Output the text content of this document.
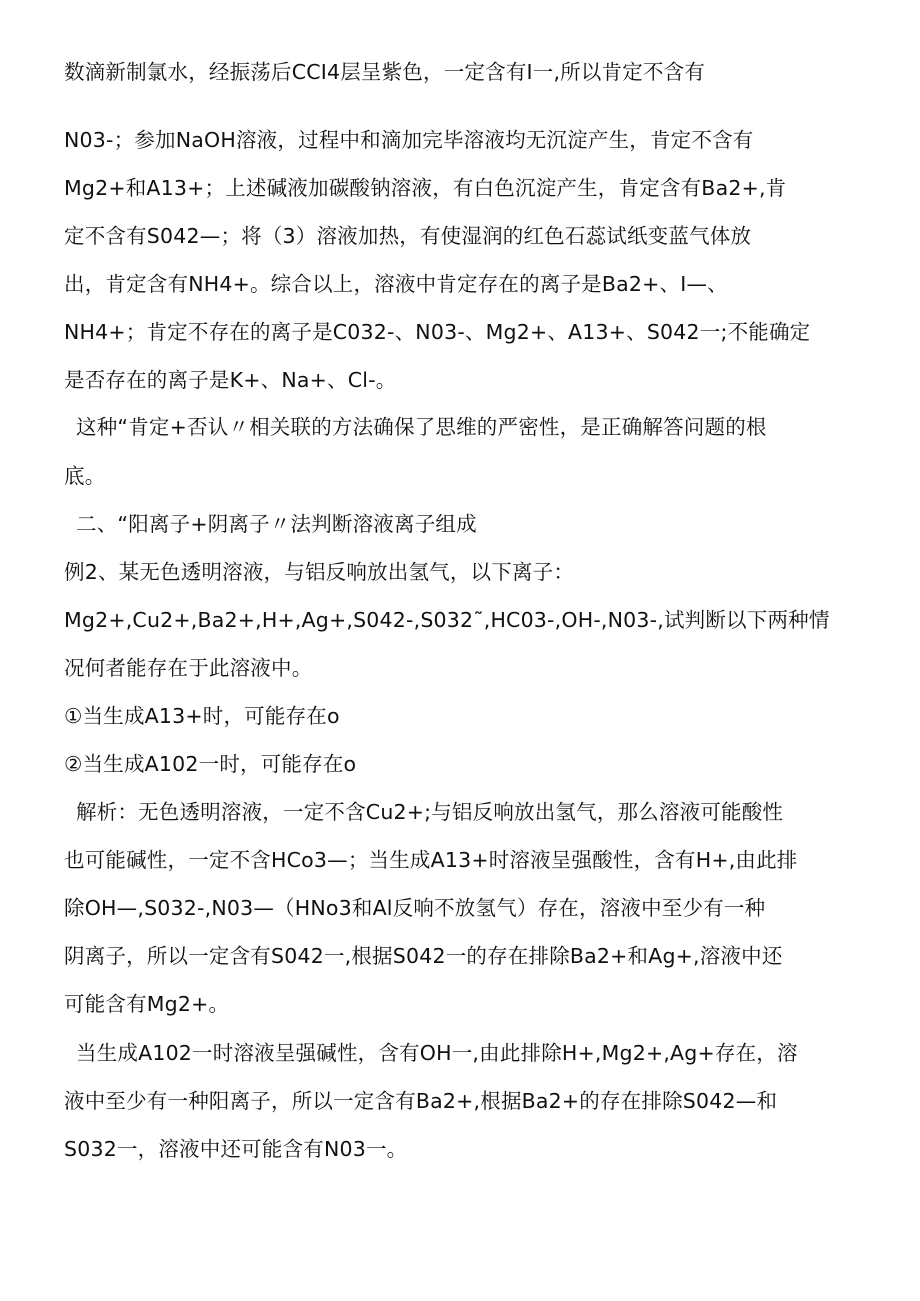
数滴新制氯水，经振荡后CCI4层呈紫色，一定含有I一,所以肯定不含有
N03-；参加NaOH溶液，过程中和滴加完毕溶液均无沉淀产生，肯定不含有
Mg2+和A13+；上述碱液加碳酸钠溶液，有白色沉淀产生，肯定含有Ba2+,肯
定不含有S042—；将（3）溶液加热，有使湿润的红色石蕊试纸变蓝气体放
出，肯定含有NH4+。综合以上，溶液中肯定存在的离子是Ba2+、I—、
NH4+；肯定不存在的离子是C032-、N03-、Mg2+、A13+、S042一;不能确定
是否存在的离子是K+、Na+、Cl-。
这种“肯定+否认〃相关联的方法确保了思维的严密性，是正确解答问题的根
底。
二、“阳离子+阴离子〃法判断溶液离子组成
例2、某无色透明溶液，与铝反响放出氢气，以下离子：
Mg2+,Cu2+,Ba2+,H+,Ag+,S042-,S032˜,HC03-,OH-,N03-,试判断以下两种情
况何者能存在于此溶液中。
①当生成A13+时，可能存在o
②当生成A102一时，可能存在o
解析：无色透明溶液，一定不含Cu2+;与铝反响放出氢气，那么溶液可能酸性
也可能碱性，一定不含HCo3—；当生成A13+时溶液呈强酸性，含有H+,由此排
除OH—,S032-,N03—（HNo3和Al反响不放氢气）存在，溶液中至少有一种
阴离子，所以一定含有S042一,根据S042一的存在排除Ba2+和Ag+,溶液中还
可能含有Mg2+。
当生成A102一时溶液呈强碱性，含有OH一,由此排除H+,Mg2+,Ag+存在，溶
液中至少有一种阳离子，所以一定含有Ba2+,根据Ba2+的存在排除S042—和
S032一，溶液中还可能含有N03一。
